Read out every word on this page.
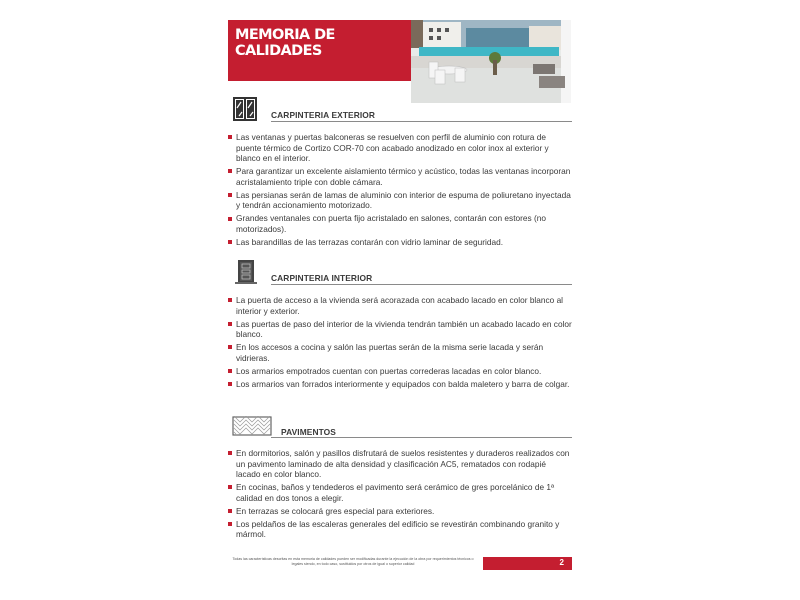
MEMORIA DE CALIDADES
CARPINTERIA EXTERIOR
Las ventanas y puertas balconeras se resuelven con perfil de aluminio con rotura de puente térmico de Cortizo COR-70 con acabado anodizado en color inox al exterior y blanco en el interior.
Para garantizar un excelente aislamiento térmico y acústico, todas las ventanas incorporan acristalamiento triple con doble cámara.
Las persianas serán de lamas de aluminio con interior de espuma de poliuretano inyectada y tendrán accionamiento motorizado.
Grandes ventanales con puerta fijo acristalado en salones, contarán con estores (no motorizados).
Las barandillas de las terrazas contarán con vidrio laminar de seguridad.
CARPINTERIA INTERIOR
La puerta de acceso a la vivienda será acorazada con acabado lacado en color blanco al interior y exterior.
Las puertas de paso del interior de la vivienda tendrán también un acabado lacado en color blanco.
En los accesos a cocina y salón las puertas serán de la misma serie lacada y serán vidrieras.
Los armarios empotrados cuentan con puertas correderas lacadas en color blanco.
Los armarios van forrados interiormente y equipados con balda maletero y barra de colgar.
PAVIMENTOS
En dormitorios, salón y pasillos disfrutará de suelos resistentes y duraderos realizados con un pavimento laminado de alta densidad y clasificación AC5, rematados con rodapié lacado en color blanco.
En cocinas, baños y tendederos el pavimento será cerámico de gres porcelánico de 1ª calidad en dos tonos a elegir.
En terrazas se colocará gres especial para exteriores.
Los peldaños de las escaleras generales del edificio se revestirán combinando granito y mármol.
Todas las características descritas en esta memoria de calidades pueden ser modificadas durante la ejecución de la obra por requerimientos técnicos o legales siendo, en todo caso, sustituidos por otros de igual o superior calidad	2
